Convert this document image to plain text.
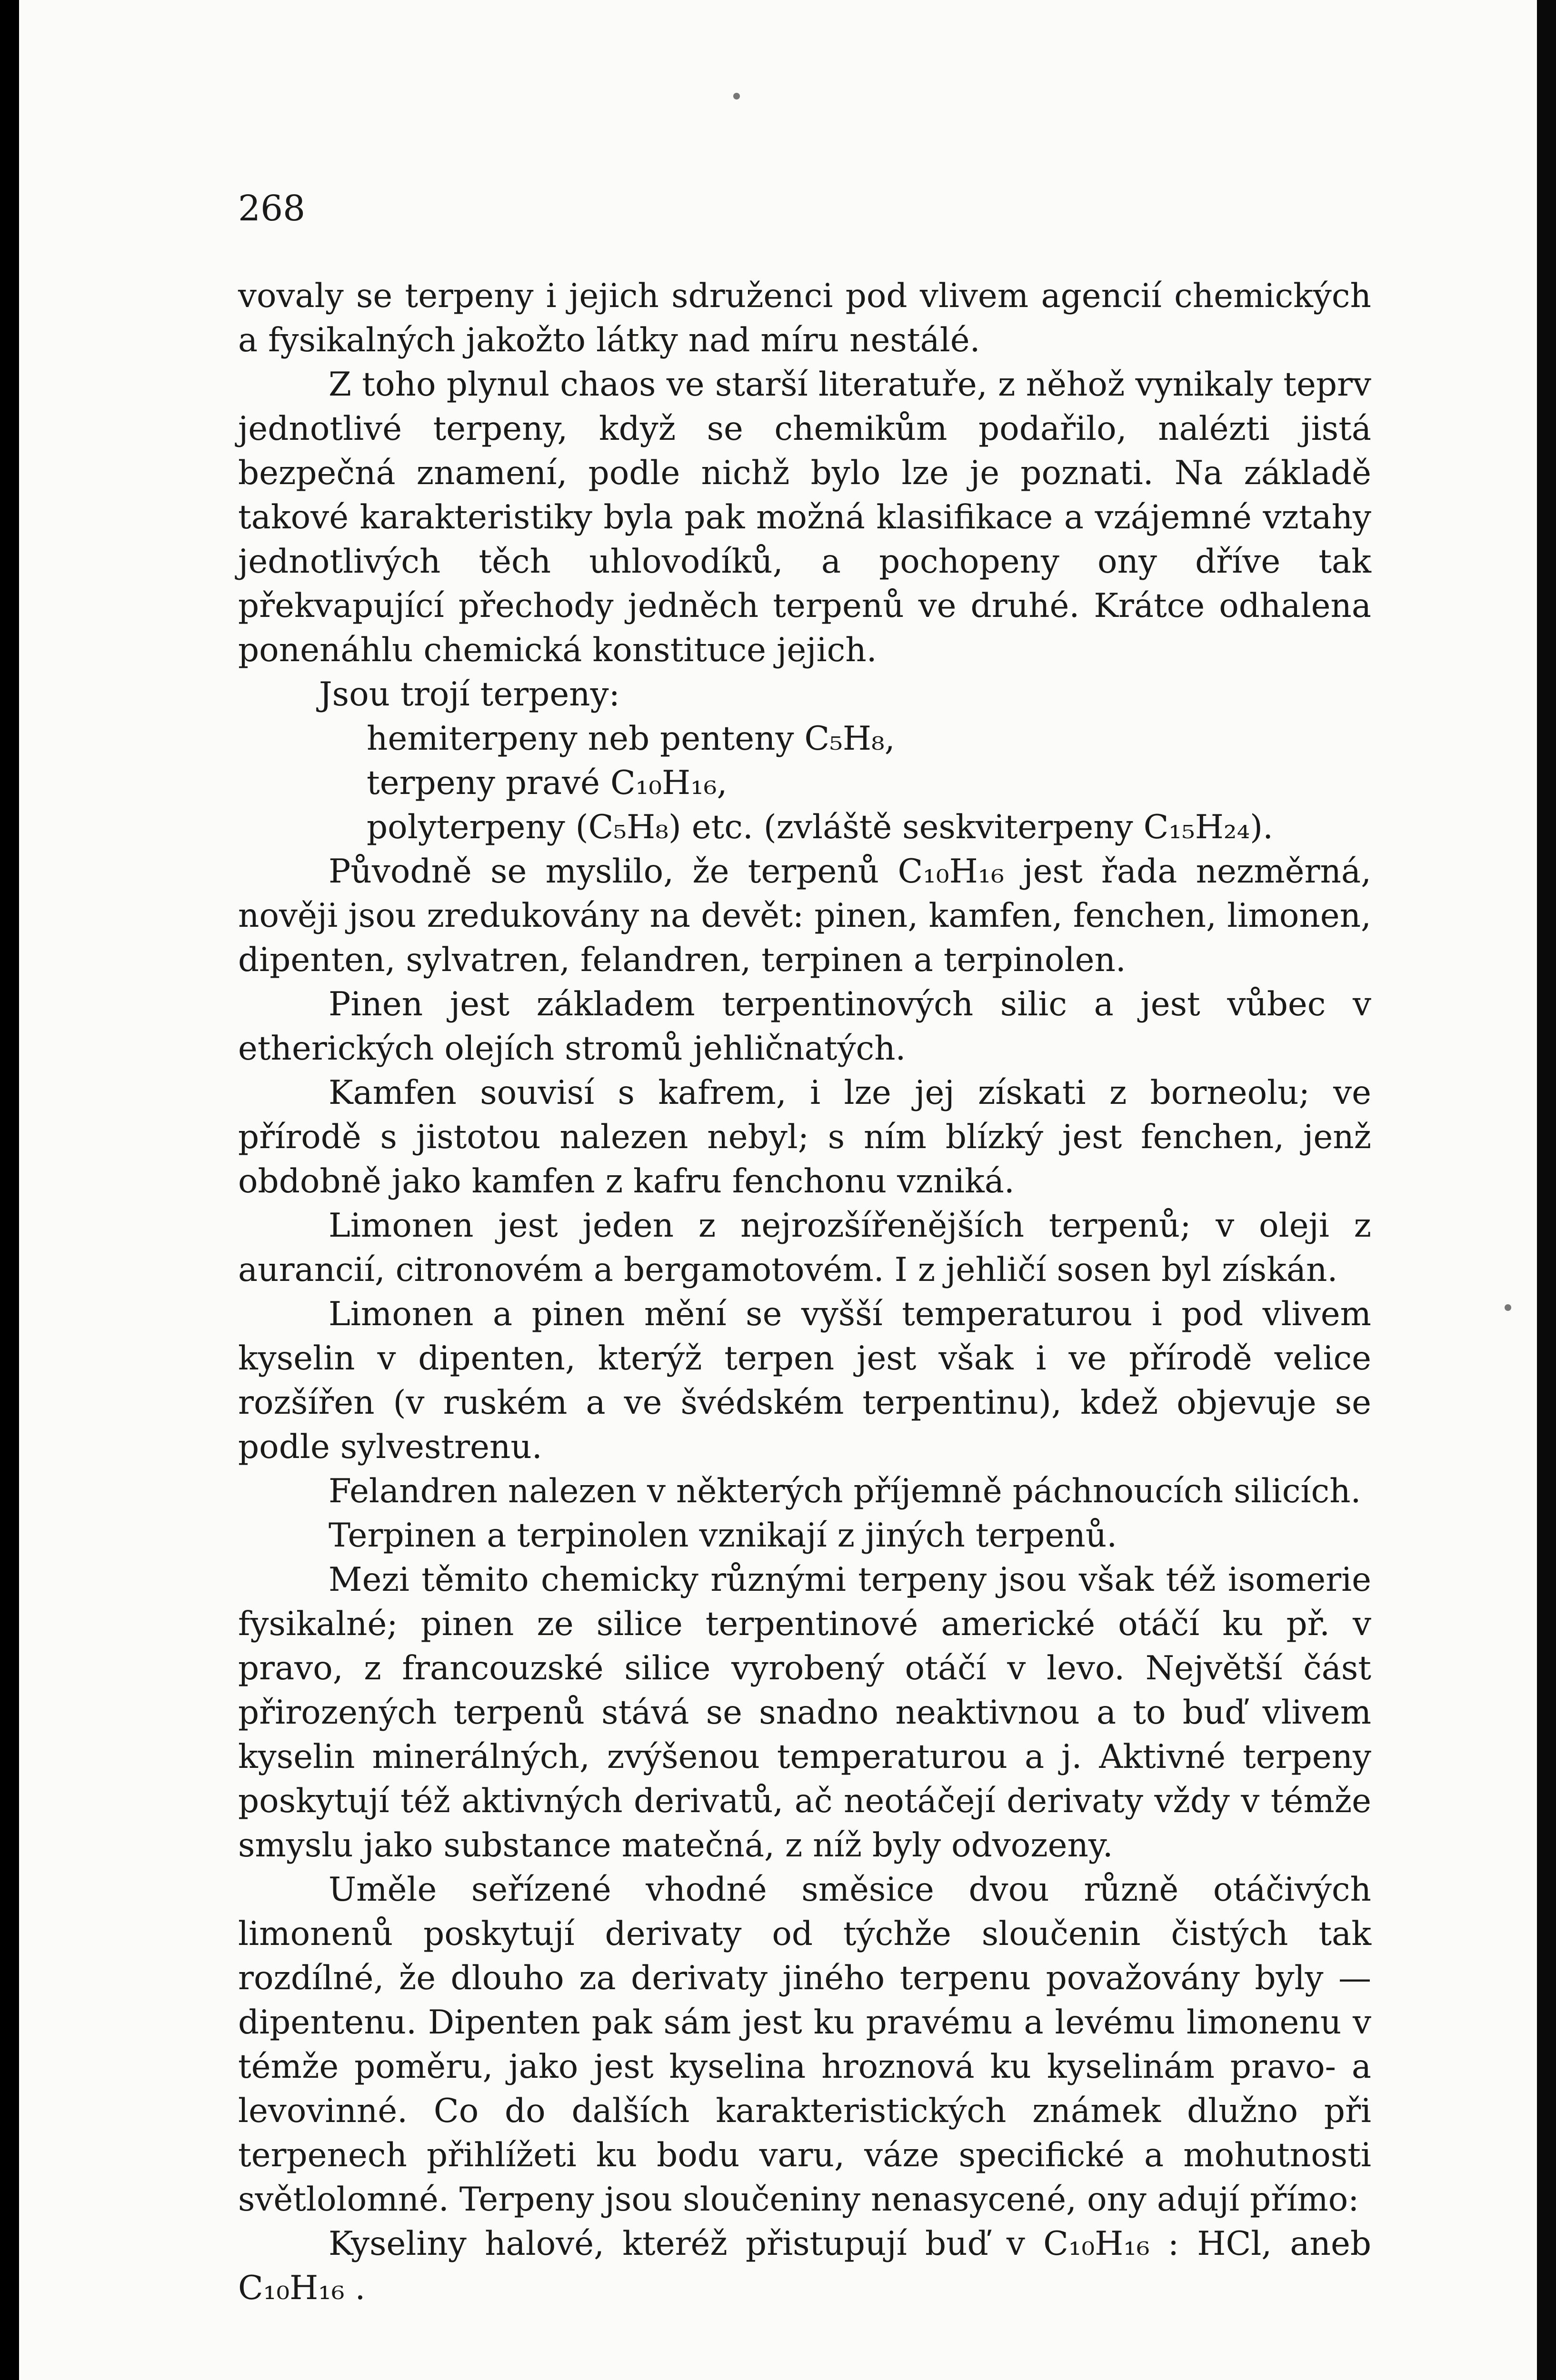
268

vovaly se terpeny i jejich sdruženci pod vlivem agencií chemických a fysikalných jakožto látky nad míru nestálé.

Z toho plynul chaos ve starší literatuře, z něhož vynikaly teprv jednotlivé terpeny, když se chemikům podařilo, nalézti jistá bezpečná znamení, podle nichž bylo lze je poznati. Na základě takové karakteristiky byla pak možná klasifikace a vzájemné vztahy jednotlivých těch uhlovodíků, a pochopeny ony dříve tak překvapující přechody jedněch terpenů ve druhé. Krátce odhalena ponenáhlu chemická konstituce jejich.

Jsou trojí terpeny:

hemiterpeny neb penteny C₅H₈,

terpeny pravé C₁₀H₁₆,

polyterpeny (C₅H₈) etc. (zvláště seskviterpeny C₁₅H₂₄).

Původně se myslilo, že terpenů C₁₀H₁₆ jest řada nezměrná, nověji jsou zredukovány na devět: pinen, kamfen, fenchen, limonen, dipenten, sylvatren, felandren, terpinen a terpinolen.

Pinen jest základem terpentinových silic a jest vůbec v etherických olejích stromů jehličnatých.

Kamfen souvisí s kafrem, i lze jej získati z borneolu; ve přírodě s jistotou nalezen nebyl; s ním blízký jest fenchen, jenž obdobně jako kamfen z kafru fenchonu vzniká.

Limonen jest jeden z nejrozšířenějších terpenů; v oleji z aurancií, citronovém a bergamotovém. I z jehličí sosen byl získán.

Limonen a pinen mění se vyšší temperaturou i pod vlivem kyselin v dipenten, kterýž terpen jest však i ve přírodě velice rozšířen (v ruském a ve švédském terpentinu), kdež objevuje se podle sylvestrenu.

Felandren nalezen v některých příjemně páchnoucích silicích.

Terpinen a terpinolen vznikají z jiných terpenů.

Mezi těmito chemicky různými terpeny jsou však též isomerie fysikalné; pinen ze silice terpentinové americké otáčí ku př. v pravo, z francouzské silice vyrobený otáčí v levo. Největší část přirozených terpenů stává se snadno neaktivnou a to buď vlivem kyselin minerálných, zvýšenou temperaturou a j. Aktivné terpeny poskytují též aktivných derivatů, ač neotáčejí derivaty vždy v témže smyslu jako substance matečná, z níž byly odvozeny.

Uměle seřízené vhodné směsice dvou různě otáčivých limonenů poskytují derivaty od týchže sloučenin čistých tak rozdílné, že dlouho za derivaty jiného terpenu považovány byly — dipentenu. Dipenten pak sám jest ku pravému a levému limonenu v témže poměru, jako jest kyselina hroznová ku kyselinám pravo- a levovinné. Co do dalších karakteristických známek dlužno při terpenech přihlížeti ku bodu varu, váze specifické a mohutnosti světlolomné. Terpeny jsou sloučeniny nenasycené, ony adují přímo:

Kyseliny halové, kteréž přistupují buď v C₁₀H₁₆ : HCl, aneb C₁₀H₁₆ .
